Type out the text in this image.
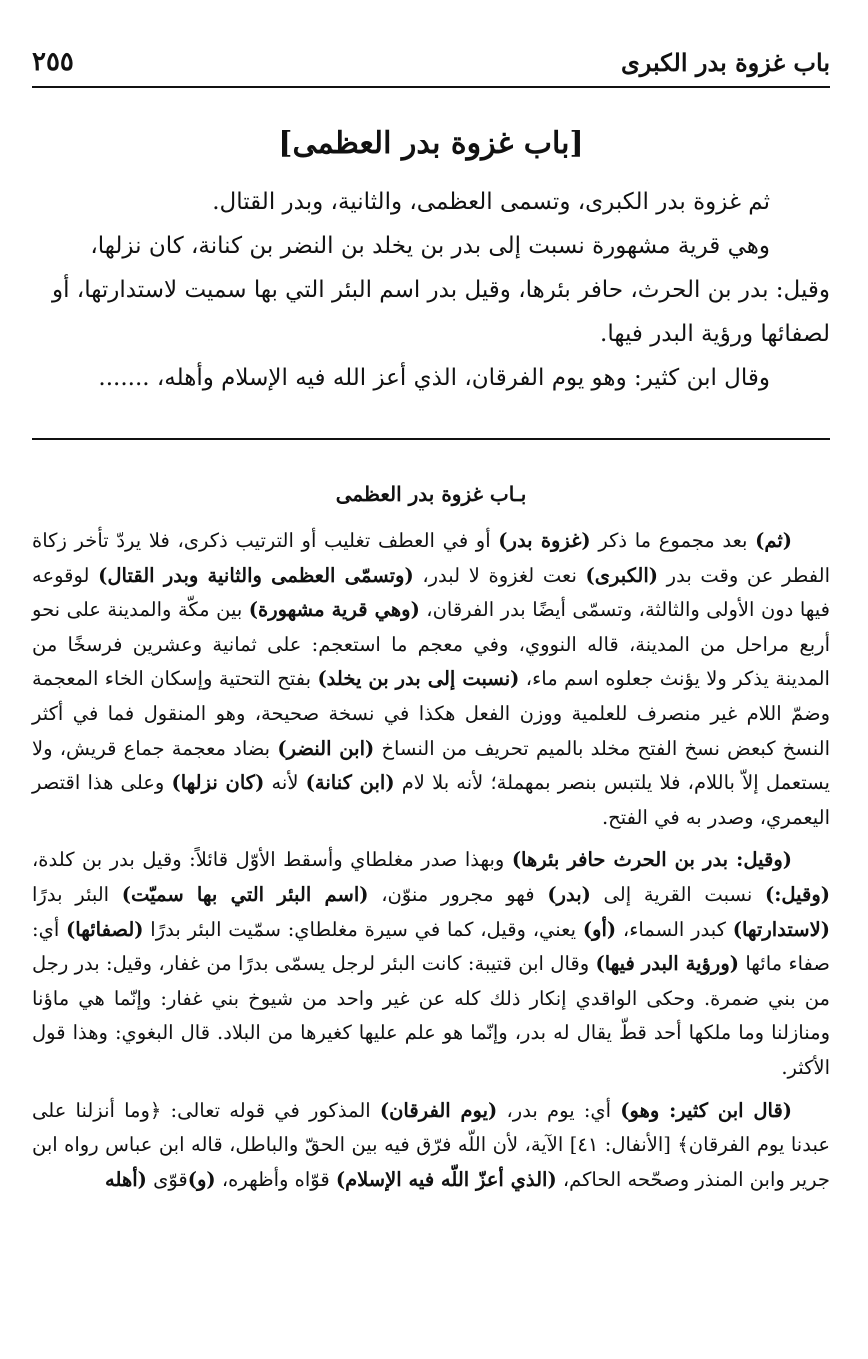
٢٥٥	باب غزوة بدر الكبرى
[باب غزوة بدر العظمى]

ثم غزوة بدر الكبرى، وتسمى العظمى، والثانية، وبدر القتال.

وهي قرية مشهورة نسبت إلى بدر بن يخلد بن النضر بن كنانة، كان نزلها، وقيل: بدر بن الحرث، حافر بئرها، وقيل بدر اسم البئر التي بها سميت لاستدارتها، أو لصفائها ورؤية البدر فيها.

وقال ابن كثير: وهو يوم الفرقان، الذي أعز الله فيه الإسلام وأهله، .......

بـاب غزوة بدر العظمى

(ثم) بعد مجموع ما ذكر (غزوة بدر) أو في العطف تغليب أو الترتيب ذكرى، فلا يردّ تأخر زكاة الفطر عن وقت بدر (الكبرى) نعت لغزوة لا لبدر، (وتسمّى العظمى والثانية وبدر القتال) لوقوعه فيها دون الأولى والثالثة، وتسمّى أيضًا بدر الفرقان، (وهي قرية مشهورة) بين مكّة والمدينة على نحو أربع مراحل من المدينة، قاله النووي، وفي معجم ما استعجم: على ثمانية وعشرين فرسخًا من المدينة يذكر ولا يؤنث جعلوه اسم ماء، (نسبت إلى بدر بن يخلد) بفتح التحتية وإسكان الخاء المعجمة وضمّ اللام غير منصرف للعلمية ووزن الفعل هكذا في نسخة صحيحة، وهو المنقول فما في أكثر النسخ كبعض نسخ الفتح مخلد بالميم تحريف من النساخ (ابن النضر) بضاد معجمة جماع قريش، ولا يستعمل إلاّ باللام، فلا يلتبس بنصر بمهملة؛ لأنه بلا لام (ابن كنانة) لأنه (كان نزلها) وعلى هذا اقتصر اليعمري، وصدر به في الفتح.

(وقيل: بدر بن الحرث حافر بئرها) وبهذا صدر مغلطاي وأسقط الأوّل قائلاً: وقيل بدر بن كلدة، (وقيل:) نسبت القرية إلى (بدر) فهو مجرور منوّن، (اسم البئر التي بها سميّت) البئر بدرًا (لاستدارتها) كبدر السماء، (أو) يعني، وقيل، كما في سيرة مغلطاي: سمّيت البئر بدرًا (لصفائها) أي: صفاء مائها (ورؤية البدر فيها) وقال ابن قتيبة: كانت البئر لرجل يسمّى بدرًا من غفار، وقيل: بدر رجل من بني ضمرة. وحكى الواقدي إنكار ذلك كله عن غير واحد من شيوخ بني غفار: وإنّما هي ماؤنا ومنازلنا وما ملكها أحد قطّ يقال له بدر، وإنّما هو علم عليها كغيرها من البلاد. قال البغوي: وهذا قول الأكثر.

(قال ابن كثير: وهو) أي: يوم بدر، (يوم الفرقان) المذكور في قوله تعالى: ﴿وما أنزلنا على عبدنا يوم الفرقان﴾ [الأنفال: ٤١] الآية، لأن اللّه فرّق فيه بين الحقّ والباطل، قاله ابن عباس رواه ابن جرير وابن المنذر وصحّحه الحاكم، (الذي أعزّ اللّه فيه الإسلام) قوّاه وأظهره، (و)قوّى (أهله
